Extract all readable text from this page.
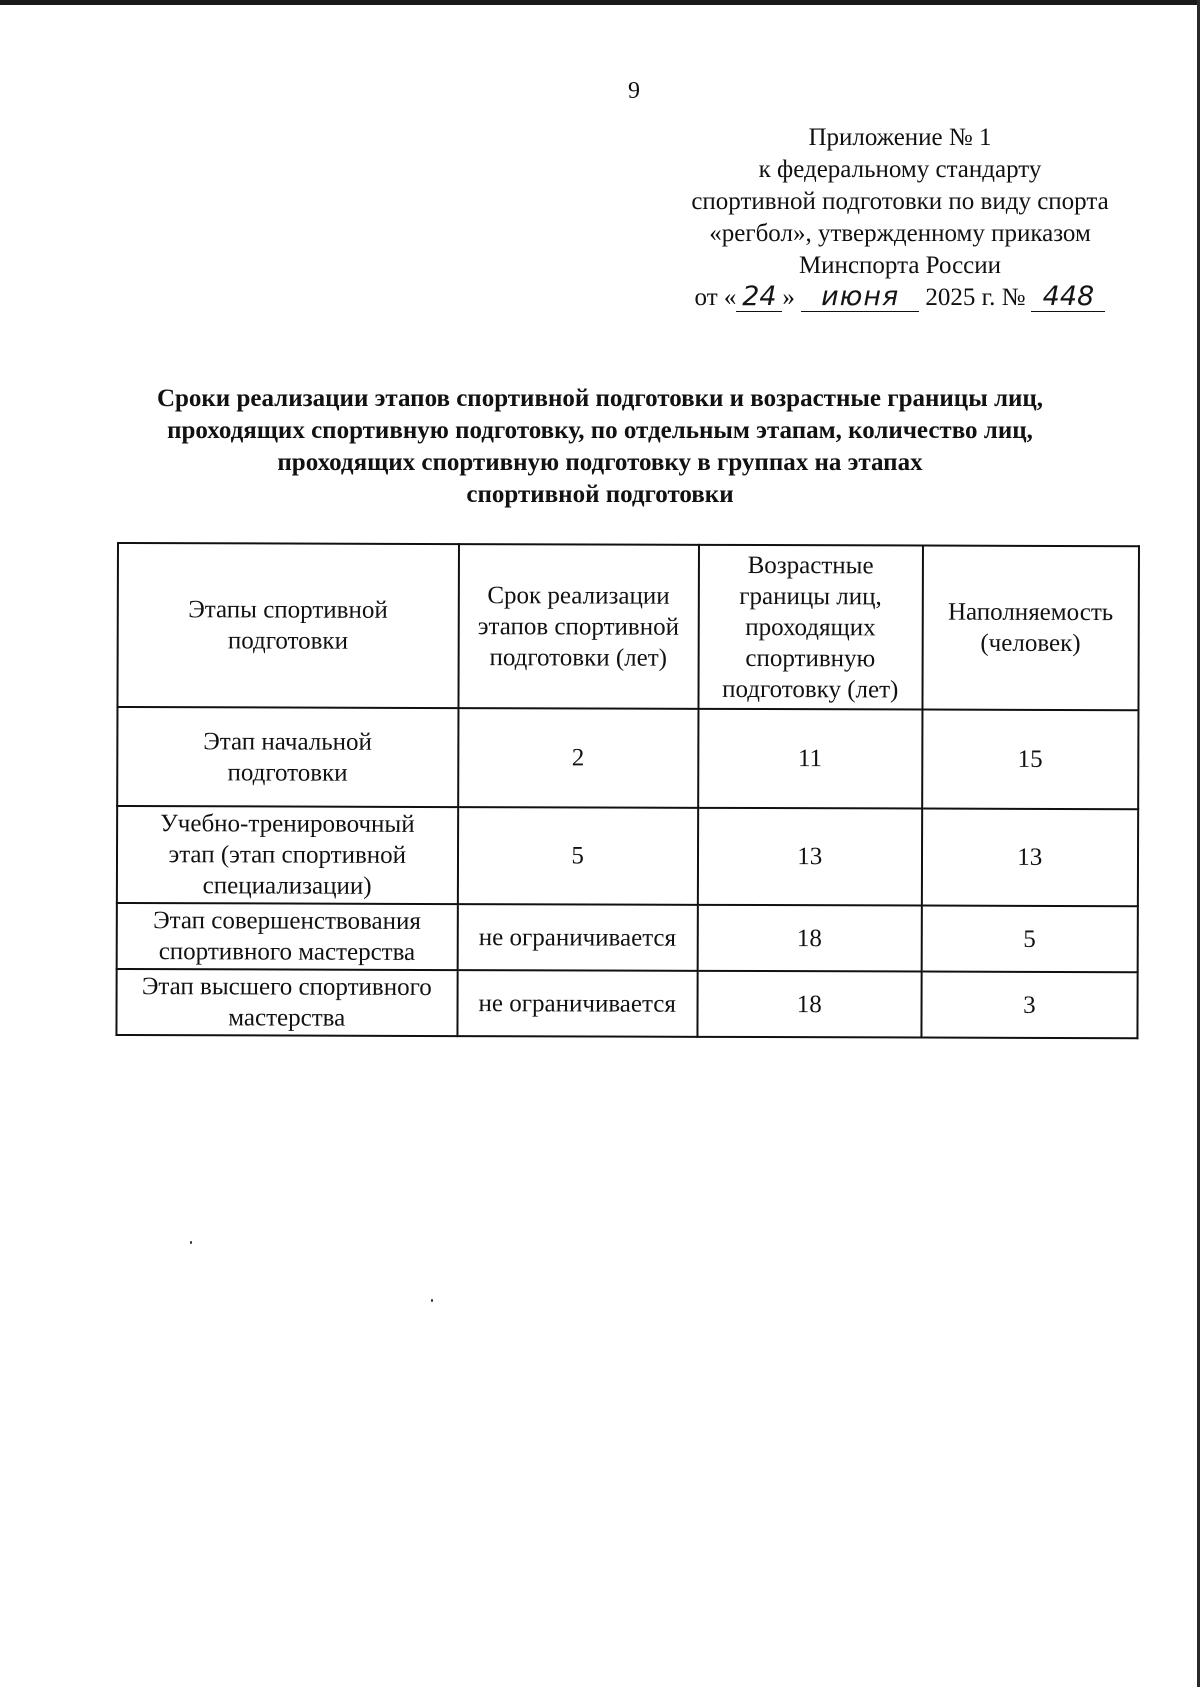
9
Приложение № 1
к федеральному стандарту
спортивной подготовки по виду спорта
«регбол», утвержденному приказом
Минспорта России
от « 24 » июня 2025 г. № 448
Сроки реализации этапов спортивной подготовки и возрастные границы лиц,
проходящих спортивную подготовку, по отдельным этапам, количество лиц,
проходящих спортивную подготовку в группах на этапах
спортивной подготовки
Этапы спортивной подготовки	Срок реализации этапов спортивной подготовки (лет)	Возрастные границы лиц, проходящих спортивную подготовку (лет)	Наполняемость (человек)
Этап начальной подготовки	2	11	15
Учебно-тренировочный этап (этап спортивной специализации)	5	13	13
Этап совершенствования спортивного мастерства	не ограничивается	18	5
Этап высшего спортивного мастерства	не ограничивается	18	3
